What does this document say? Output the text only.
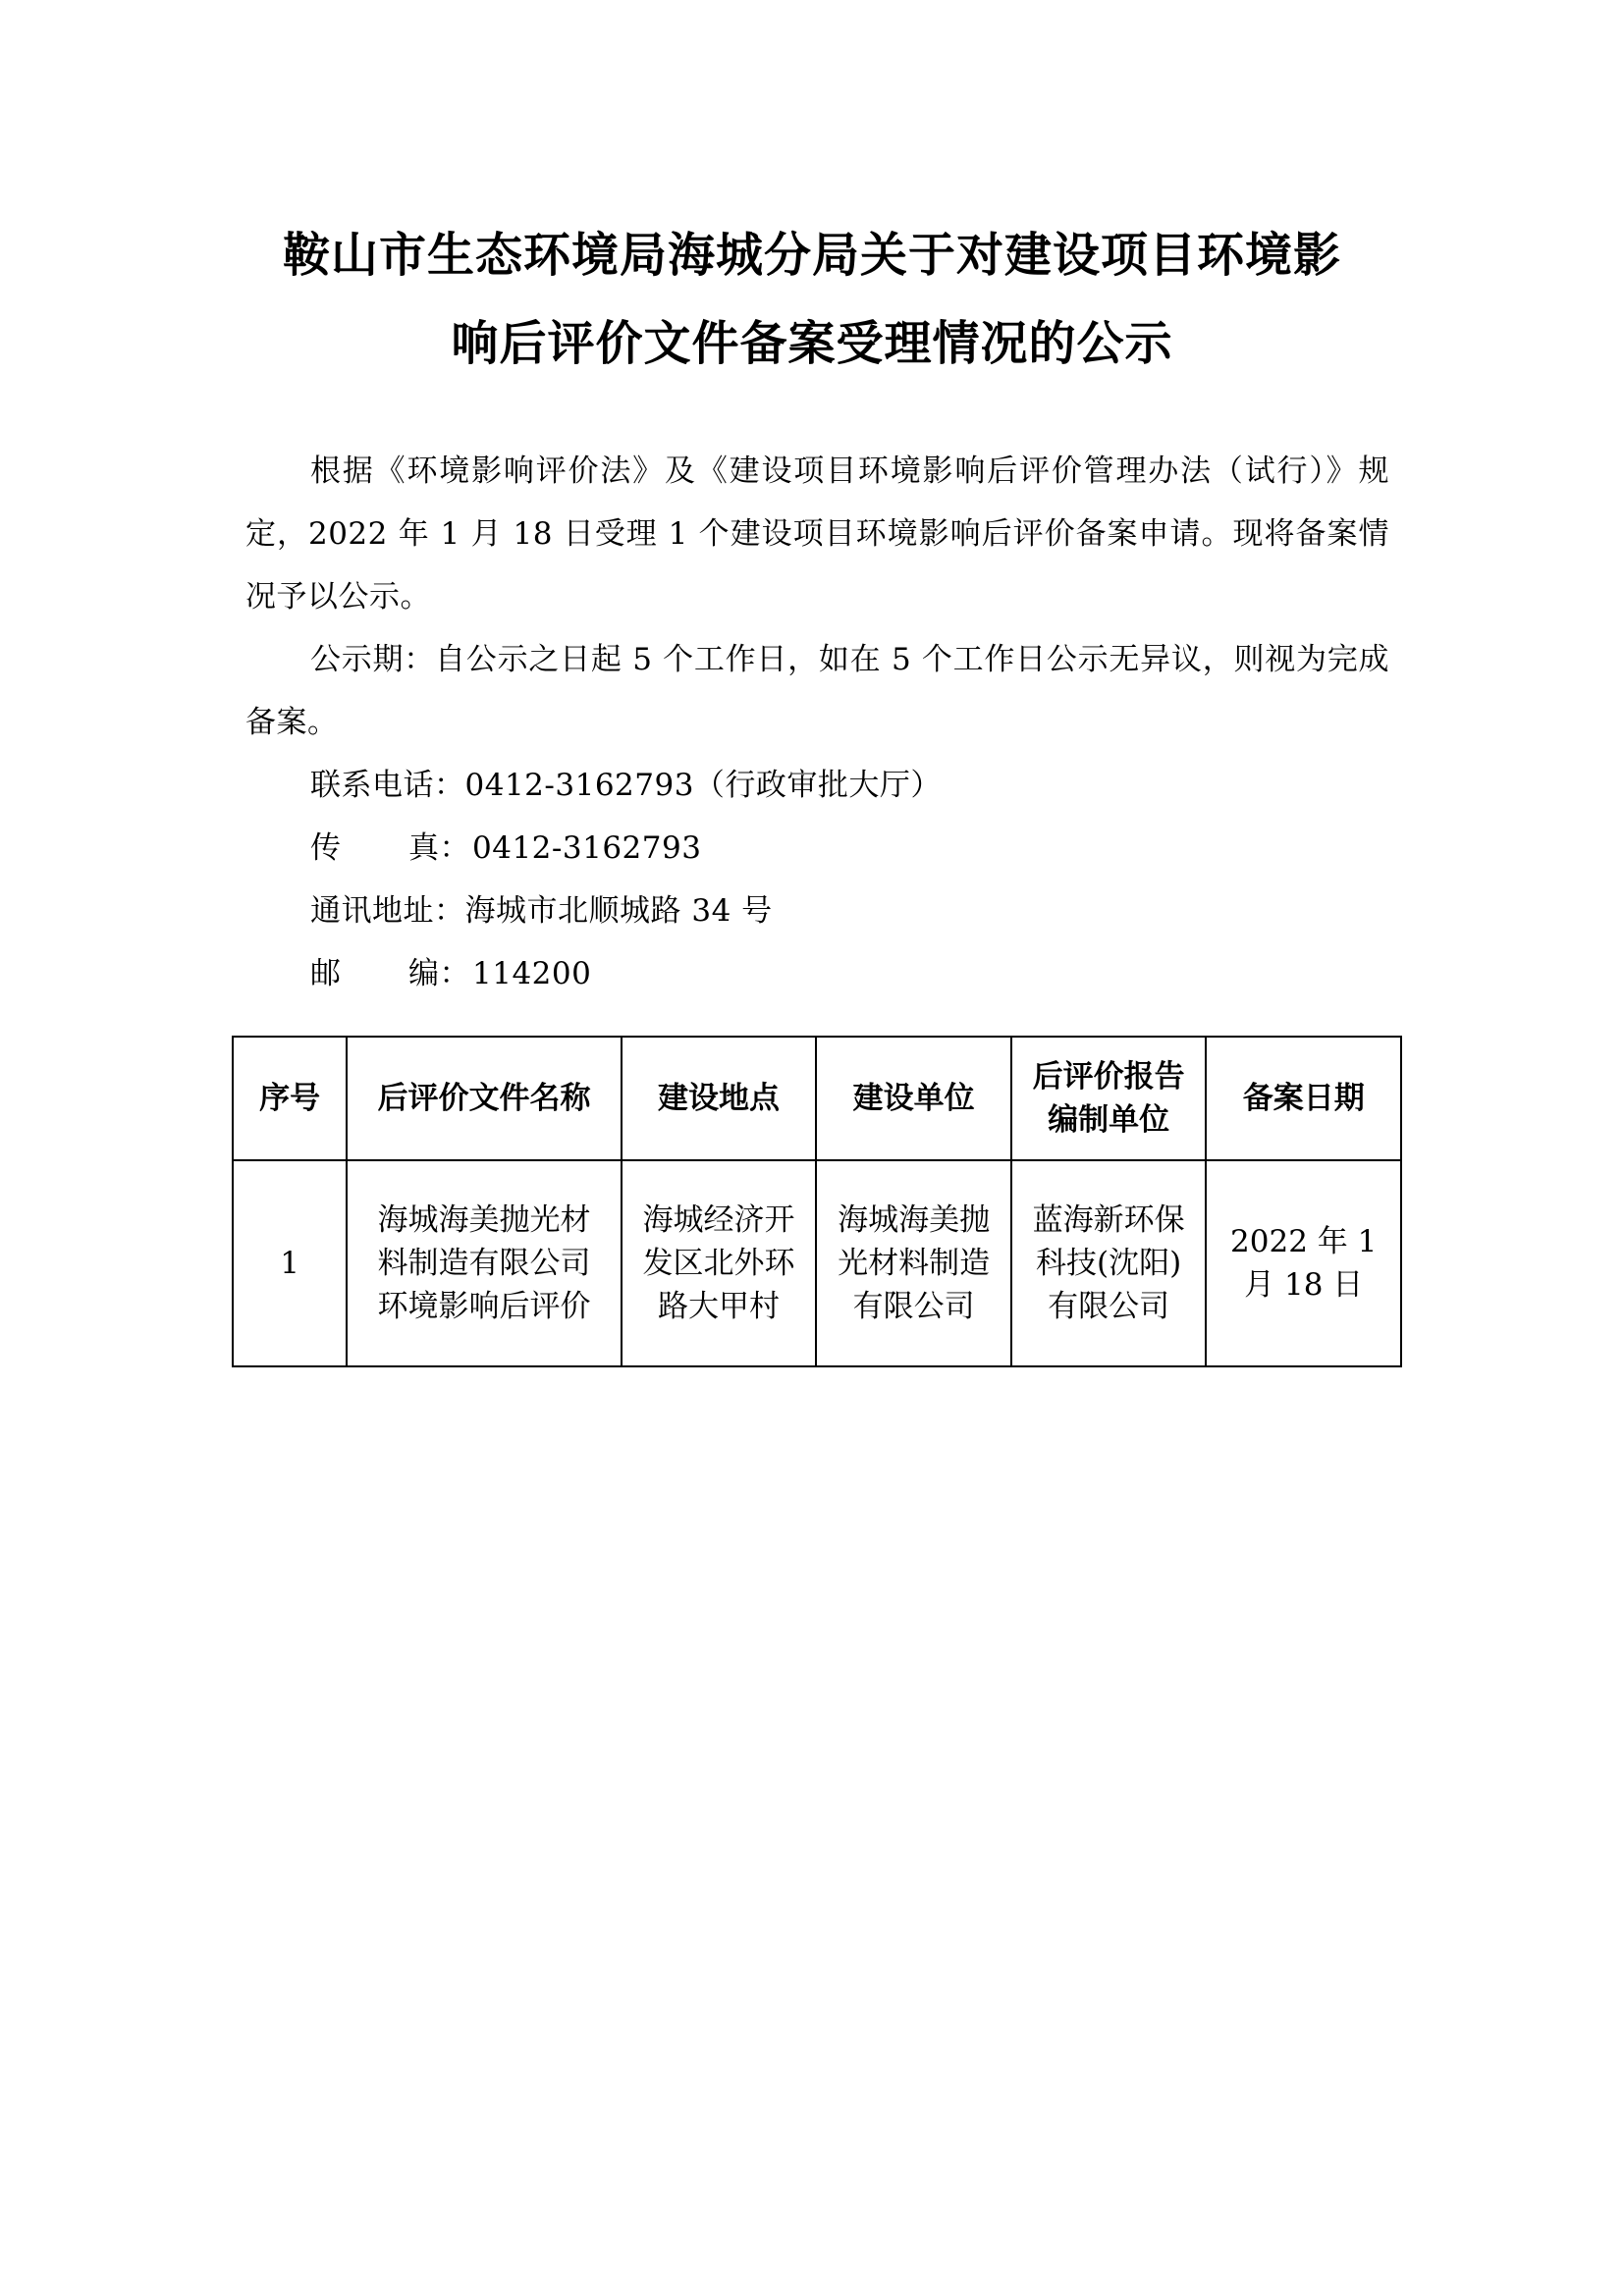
鞍山市生态环境局海城分局关于对建设项目环境影
响后评价文件备案受理情况的公示

根据《环境影响评价法》及《建设项目环境影响后评价管理办法（试行）》规定，2022 年 1 月 18 日受理 1 个建设项目环境影响后评价备案申请。现将备案情况予以公示。

公示期：自公示之日起 5 个工作日，如在 5 个工作日公示无异议，则视为完成备案。

联系电话：0412-3162793（行政审批大厅）

传 真：0412-3162793

通讯地址：海城市北顺城路 34 号

邮 编：114200

序号	后评价文件名称	建设地点	建设单位	后评价报告编制单位	备案日期
1	海城海美抛光材料制造有限公司环境影响后评价	海城经济开发区北外环路大甲村	海城海美抛光材料制造有限公司	蓝海新环保科技(沈阳)有限公司	2022 年 1 月 18 日
